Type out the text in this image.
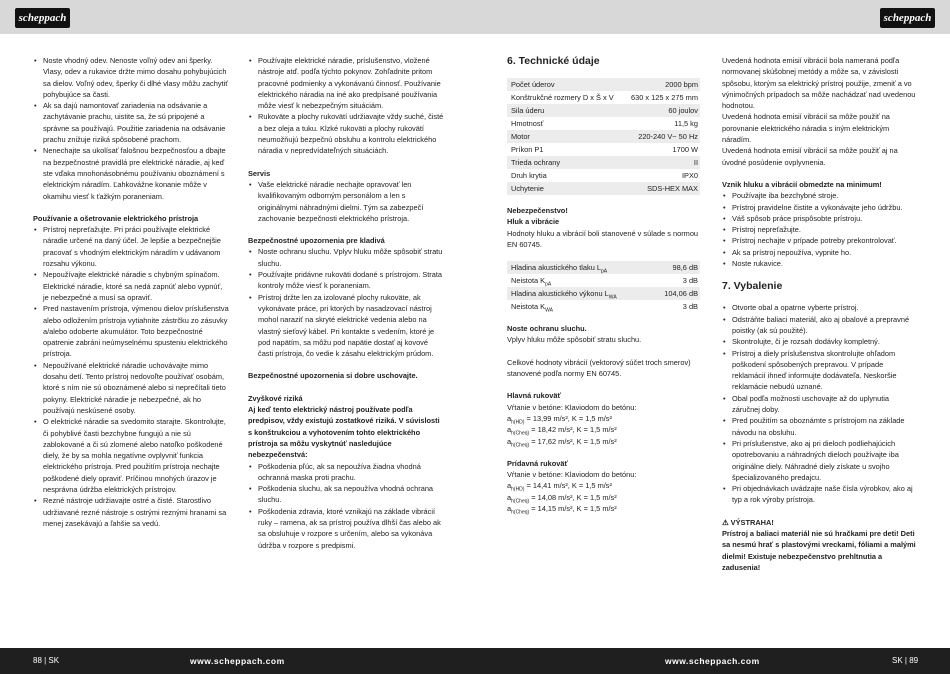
scheppach	scheppach
• Noste vhodný odev. Nenoste voľný odev ani šperky. Vlasy, odev a rukavice držte mimo dosahu pohybujúcich sa dielov. Voľný odev, šperky či dlhé vlasy môžu zachytiť pohybujúce sa časti.
• Ak sa dajú namontovať zariadenia na odsávanie a zachytávanie prachu, uistite sa, že sú pripojené a správne sa používajú. Použitie zariadenia na odsávanie prachu znižuje riziká spôsobené prachom.
• Nenechajte sa ukolísať falošnou bezpečnosťou a dbajte na bezpečnostné pravidlá pre elektrické náradie, aj keď ste vďaka mnohonásobnému používaniu oboznámení s elektrickým náradím. Ľahkovážne konanie môže v okamihu viesť k ťažkým poraneniam.
Používanie a ošetrovanie elektrického prístroja
• Prístroj nepreťažujte. Pri práci používajte elektrické náradie určené na daný účel. Je lepšie a bezpečnejšie pracovať s vhodným elektrickým náradím v udávanom rozsahu výkonu.
• Nepoužívajte elektrické náradie s chybným spínačom. Elektrické náradie, ktoré sa nedá zapnúť alebo vypnúť, je nebezpečné a musí sa opraviť.
• Pred nastavením prístroja, výmenou dielov príslušenstva alebo odložením prístroja vytiahnite zástrčku zo zásuvky a/alebo odoberte akumulátor. Toto bezpečnostné opatrenie zabráni neúmyselnému spusteniu elektrického prístroja.
• Nepoužívané elektrické náradie uchovávajte mimo dosahu detí. Tento prístroj nedovoľte používať osobám, ktoré s ním nie sú oboznámené alebo si neprečítali tieto pokyny. Elektrické náradie je nebezpečné, ak ho používajú neskúsené osoby.
• O elektrické náradie sa svedomito starajte. Skontrolujte, či pohyblivé časti bezchybne fungujú a nie sú zablokované a či sú zlomené alebo natoľko poškodené diely, že by sa mohla negatívne ovplyvniť funkcia elektrického prístroja. Pred použitím prístroja nechajte poškodené diely opraviť. Príčinou mnohých úrazov je nesprávna údržba elektrických prístrojov.
• Rezné nástroje udržiavajte ostré a čisté. Starostlivo udržiavané rezné nástroje s ostrými reznými hranami sa menej zasekávajú a ľahšie sa vedú.
• Používajte elektrické náradie, príslušenstvo, vložené nástroje atď. podľa týchto pokynov. Zohľadnite pritom pracovné podmienky a vykonávanú činnosť. Používanie elektrického náradia na iné ako predpísané používania môže viesť k nebezpečným situáciám.
• Rukoväte a plochy rukovätí udržiavajte vždy suché, čisté a bez oleja a tuku. Klzké rukoväti a plochy rukovätí neumožňujú bezpečnú obsluhu a kontrolu elektrického náradia v nepredvídateľných situáciách.
Servis
• Vaše elektrické náradie nechajte opravovať len kvalifikovaným odborným personálom a len s originálnymi náhradnými dielmi. Tým sa zabezpečí zachovanie bezpečnosti elektrického prístroja.
Bezpečnostné upozornenia pre kladivá
• Noste ochranu sluchu. Vplyv hluku môže spôsobiť stratu sluchu.
• Používajte pridávne rukoväti dodané s prístrojom. Strata kontroly môže viesť k poraneniam.
• Prístroj držte len za izolované plochy rukoväte, ak vykonávate práce, pri ktorých by nasadzovací nástroj mohol naraziť na skryté elektrické vedenia alebo na vlastný sieťový kábel. Pri kontakte s vedením, ktoré je pod napätím, sa môžu pod napätie dostať aj kovové časti prístroja, čo vedie k zásahu elektrickým prúdom.
Bezpečnostné upozornenia si dobre uschovajte.
Zvyškové riziká
Aj keď tento elektrický nástroj používate podľa predpisov, vždy existujú zostatkové riziká. V súvislosti s konštrukciou a vyhotovením tohto elektrického prístroja sa môžu vyskytnúť nasledujúce nebezpečenstvá:
• Poškodenia pľúc, ak sa nepoužíva žiadna vhodná ochranná maska proti prachu.
• Poškodenia sluchu, ak sa nepoužíva vhodná ochrana sluchu.
• Poškodenia zdravia, ktoré vznikajú na základe vibrácií ruky – ramena, ak sa prístroj používa dlhší čas alebo ak sa obsluhuje v rozpore s určením, alebo sa vykonáva údržba v rozpore s predpismi.
6. Technické údaje
Počet úderov	2000 bpm
Konštrukčné rozmery D x Š x V	630 x 125 x 275 mm
Sila úderu	60 joulov
Hmotnosť	11,5 kg
Motor	220-240 V~ 50 Hz
Príkon P1	1700 W
Trieda ochrany	II
Druh krytia	IPX0
Uchytenie	SDS-HEX MAX
Nebezpečenstvo!
Hluk a vibrácie
Hodnoty hluku a vibrácií boli stanovené v súlade s normou EN 60745.
Hladina akustického tlaku $L_{pA}$	98,6 dB
Neistota $K_{pA}$	3 dB
Hladina akustického výkonu $L_{WA}$	104,06 dB
Neistota $K_{WA}$	3 dB
Noste ochranu sluchu.
Vplyv hluku môže spôsobiť stratu sluchu.
Celkové hodnoty vibrácií (vektorový súčet troch smerov) stanovené podľa normy EN 60745.
Hlavná rukoväť
Vŕtanie v betóne: Klaviodom do betónu:
$a_{h(HD)} = 13,99$ m/s², K = 1,5 m/s²
$a_{h(Cheq)} = 18,42$ m/s², K = 1,5 m/s²
$a_{h(Cheq)} = 17,62$ m/s², K = 1,5 m/s²
Prídavná rukoväť
Vŕtanie v betóne: Klaviodom do betónu:
$a_{h(HD)} = 14,41$ m/s², K = 1,5 m/s²
$a_{h(Cheq)} = 14,08$ m/s², K = 1,5 m/s²
$a_{h(Cheq)} = 14,15$ m/s², K = 1,5 m/s²
Uvedená hodnota emisií vibrácií bola nameraná podľa normovanej skúšobnej metódy a môže sa, v závislosti spôsobu, ktorým sa elektrický prístroj použije, zmeniť a vo výnimočných prípadoch sa môže nachádzať nad uvedenou hodnotou.
Uvedená hodnota emisií vibrácií sa môže použiť na porovnanie elektrického náradia s iným elektrickým náradím.
Uvedená hodnota emisií vibrácií sa môže použiť aj na úvodné posúdenie ovplyvnenia.
Vznik hluku a vibrácií obmedzte na minimum!
• Používajte iba bezchybné stroje.
• Prístroj pravidelne čistite a vykonávajte jeho údržbu.
• Váš spôsob práce prispôsobte prístroju.
• Prístroj nepreťažujte.
• Prístroj nechajte v prípade potreby prekontrolovať.
• Ak sa prístroj nepoužíva, vypnite ho.
• Noste rukavice.
7. Vybalenie
• Otvorte obal a opatrne vyberte prístroj.
• Odstráňte baliaci materiál, ako aj obalové a prepravné poistky (ak sú použité).
• Skontrolujte, či je rozsah dodávky kompletný.
• Prístroj a diely príslušenstva skontrolujte ohľadom poškodení spôsobených prepravou. V prípade reklamácií ihneď informujte dodávateľa. Neskoršie reklamácie nebudú uznané.
• Obal podľa možnosti uschovajte až do uplynutia záručnej doby.
• Pred použitím sa oboznámte s prístrojom na základe návodu na obsluhu.
• Pri príslušenstve, ako aj pri dieloch podliehajúcich opotrebovaniu a náhradných dieloch používajte iba originálne diely. Náhradné diely získate u svojho špecializovaného predajcu.
• Pri objednávkach uvádzajte naše čísla výrobkov, ako aj typ a rok výroby prístroja.
⚠ VÝSTRAHA!
Prístroj a baliaci materiál nie sú hračkami pre deti! Deti sa nesmú hrať s plastovými vreckami, fóliami a malými dielmi! Existuje nebezpečenstvo prehltnutia a zadusenia!
88 | SK	www.scheppach.com	www.scheppach.com	SK | 89
